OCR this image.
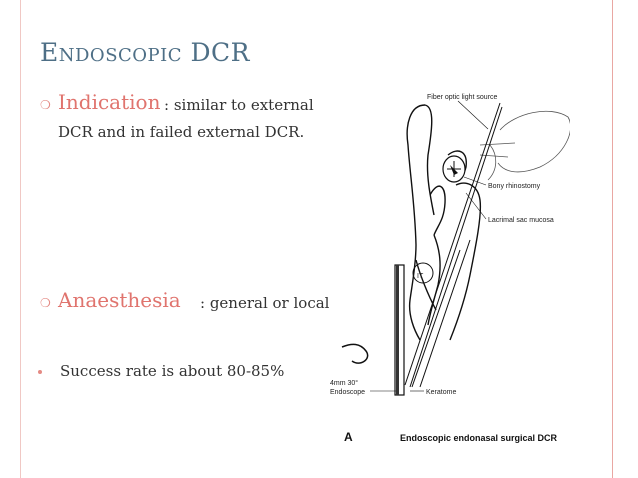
Endoscopic DCR
❍ Indication : similar to external
DCR and in failed external DCR.
❍ Anaesthesia : general or local
Success rate is about 80-85%
Fiber optic light source
Bony rhinostomy
Lacrimal sac mucosa
IT
4mm 30°
Endoscope	Keratome
A	Endoscopic endonasal surgical DCR
